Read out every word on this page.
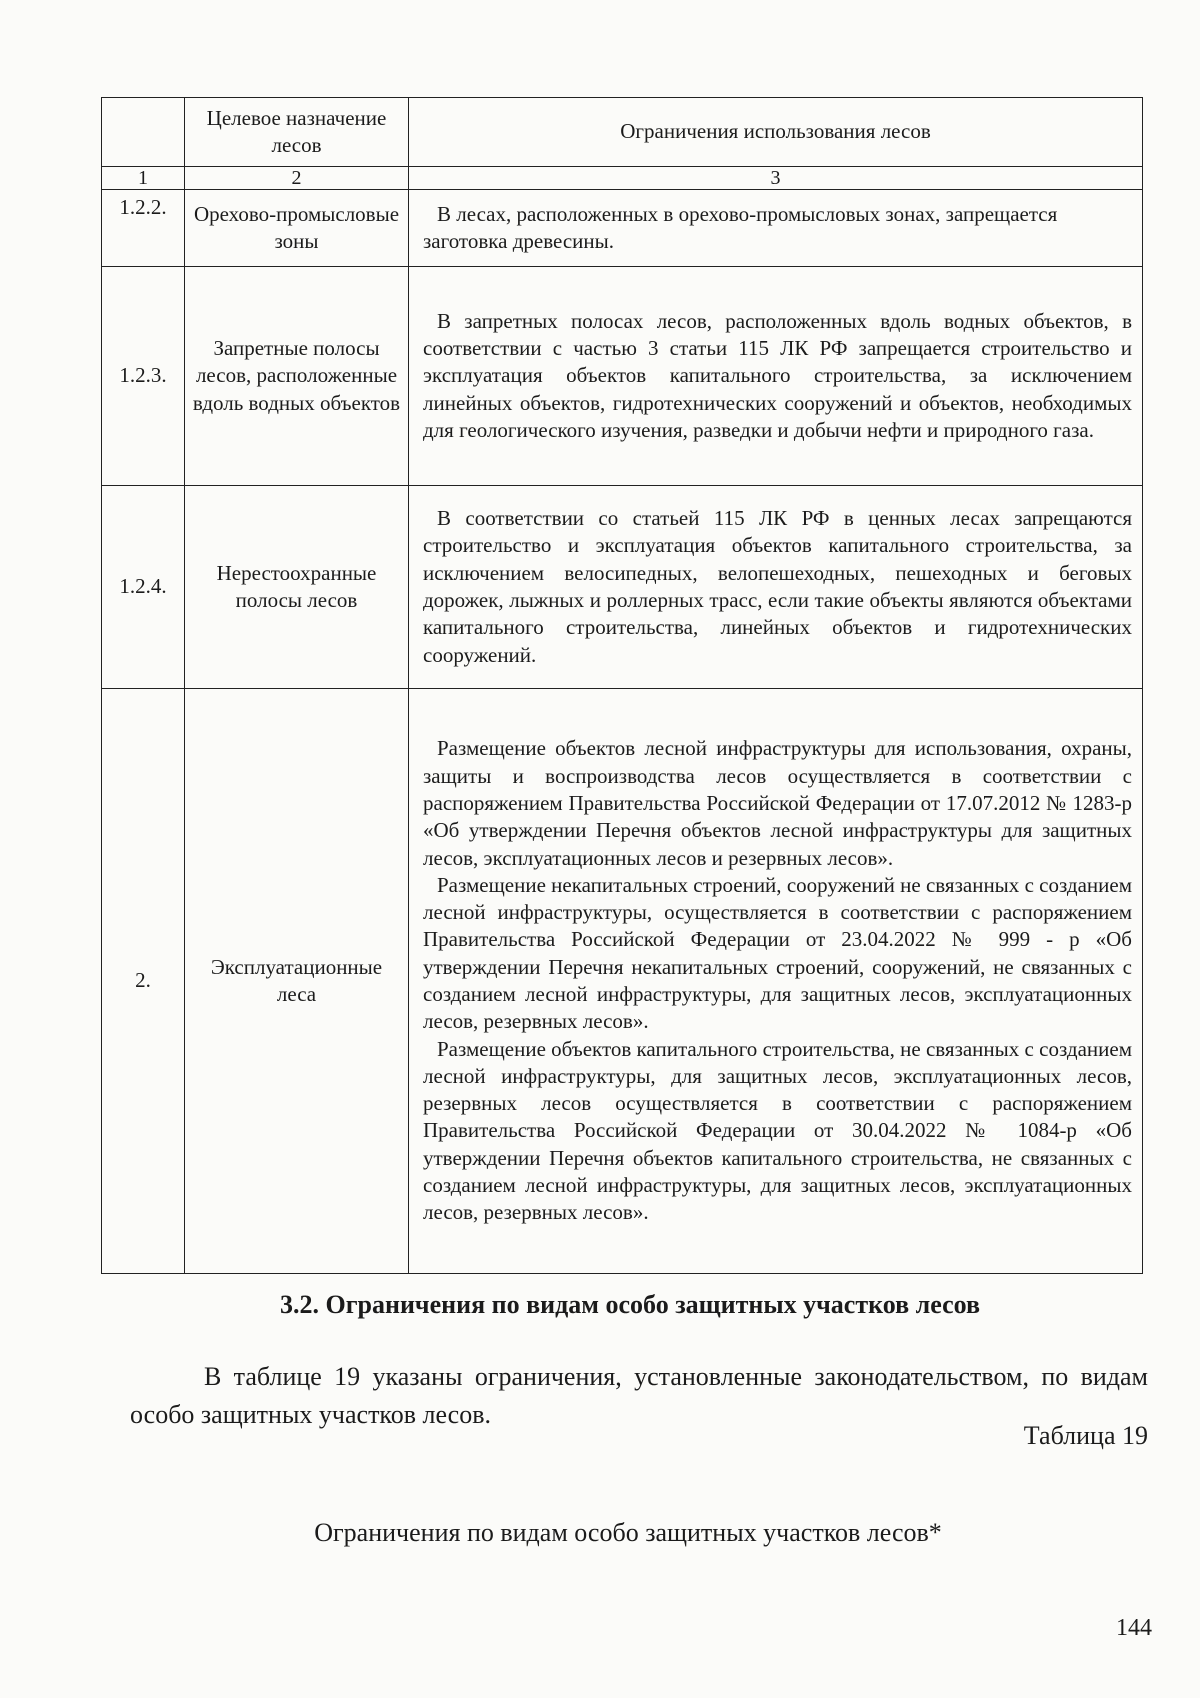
	Целевое назначение лесов	Ограничения использования лесов
1	2	3
1.2.2.	Орехово-промысловые зоны	В лесах, расположенных в орехово-промысловых зонах, запрещается заготовка древесины.

1.2.3.	Запретные полосы лесов, расположенные вдоль водных объектов	В запретных полосах лесов, расположенных вдоль водных объектов, в соответствии с частью 3 статьи 115 ЛК РФ запрещается строительство и эксплуатация объектов капитального строительства, за исключением линейных объектов, гидротехнических сооружений и объектов, необходимых для геологического изучения, разведки и добычи нефти и природного газа.

1.2.4.	Нерестоохранные полосы лесов	В соответствии со статьей 115 ЛК РФ в ценных лесах запрещаются строительство и эксплуатация объектов капитального строительства, за исключением велосипедных, велопешеходных, пешеходных и беговых дорожек, лыжных и роллерных трасс, если такие объекты являются объектами капитального строительства, линейных объектов и гидротехнических сооружений.

2.	Эксплуатационные леса	Размещение объектов лесной инфраструктуры для использования, охраны, защиты и воспроизводства лесов осуществляется в соответствии с распоряжением Правительства Российской Федерации от 17.07.2012 № 1283-р «Об утверждении Перечня объектов лесной инфраструктуры для защитных лесов, эксплуатационных лесов и резервных лесов».

Размещение некапитальных строений, сооружений не связанных с созданием лесной инфраструктуры, осуществляется в соответствии с распоряжением Правительства Российской Федерации от 23.04.2022 № 999 - р «Об утверждении Перечня некапитальных строений, сооружений, не связанных с созданием лесной инфраструктуры, для защитных лесов, эксплуатационных лесов, резервных лесов».

Размещение объектов капитального строительства, не связанных с созданием лесной инфраструктуры, для защитных лесов, эксплуатационных лесов, резервных лесов осуществляется в соответствии с распоряжением Правительства Российской Федерации от 30.04.2022 № 1084-р «Об утверждении Перечня объектов капитального строительства, не связанных с созданием лесной инфраструктуры, для защитных лесов, эксплуатационных лесов, резервных лесов».

3.2. Ограничения по видам особо защитных участков лесов
В таблице 19 указаны ограничения, установленные законодательством, по видам особо защитных участков лесов.
Таблица 19
Ограничения по видам особо защитных участков лесов*
144
